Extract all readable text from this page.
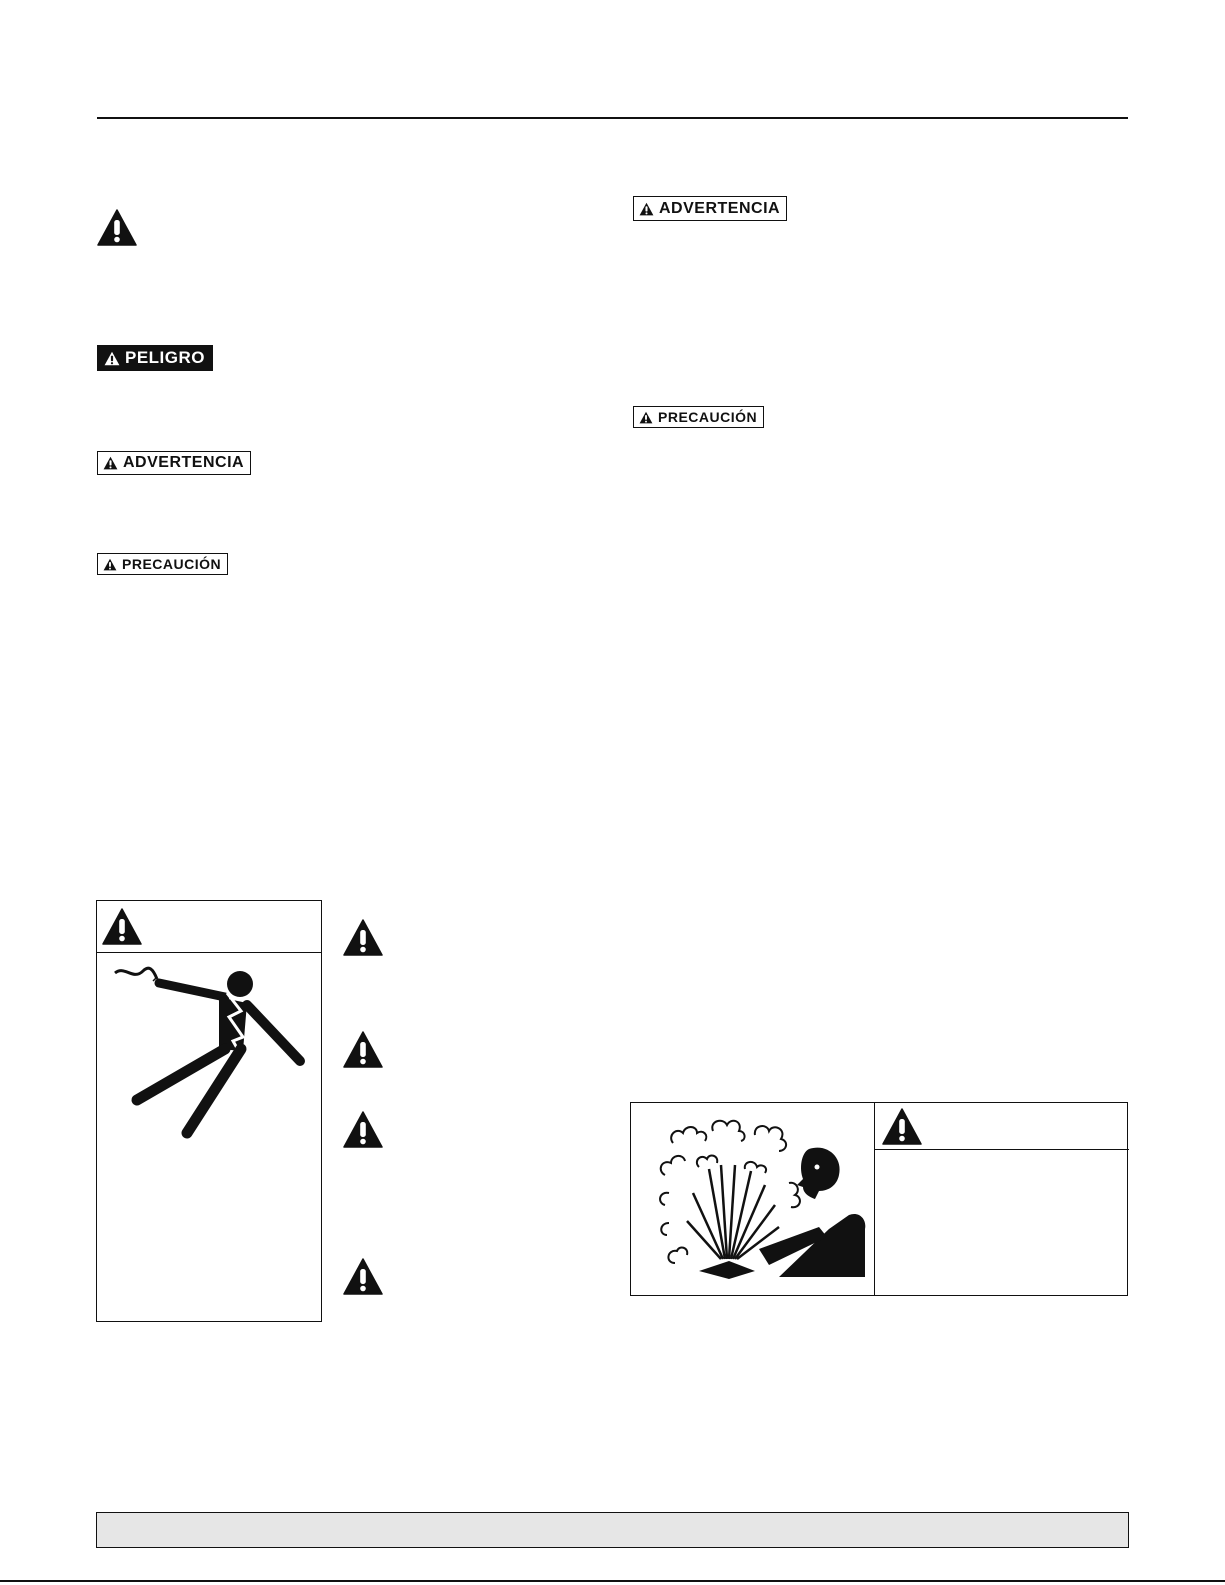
PELIGRO
ADVERTENCIA
PRECAUCIÓN
ADVERTENCIA
PRECAUCIÓN
